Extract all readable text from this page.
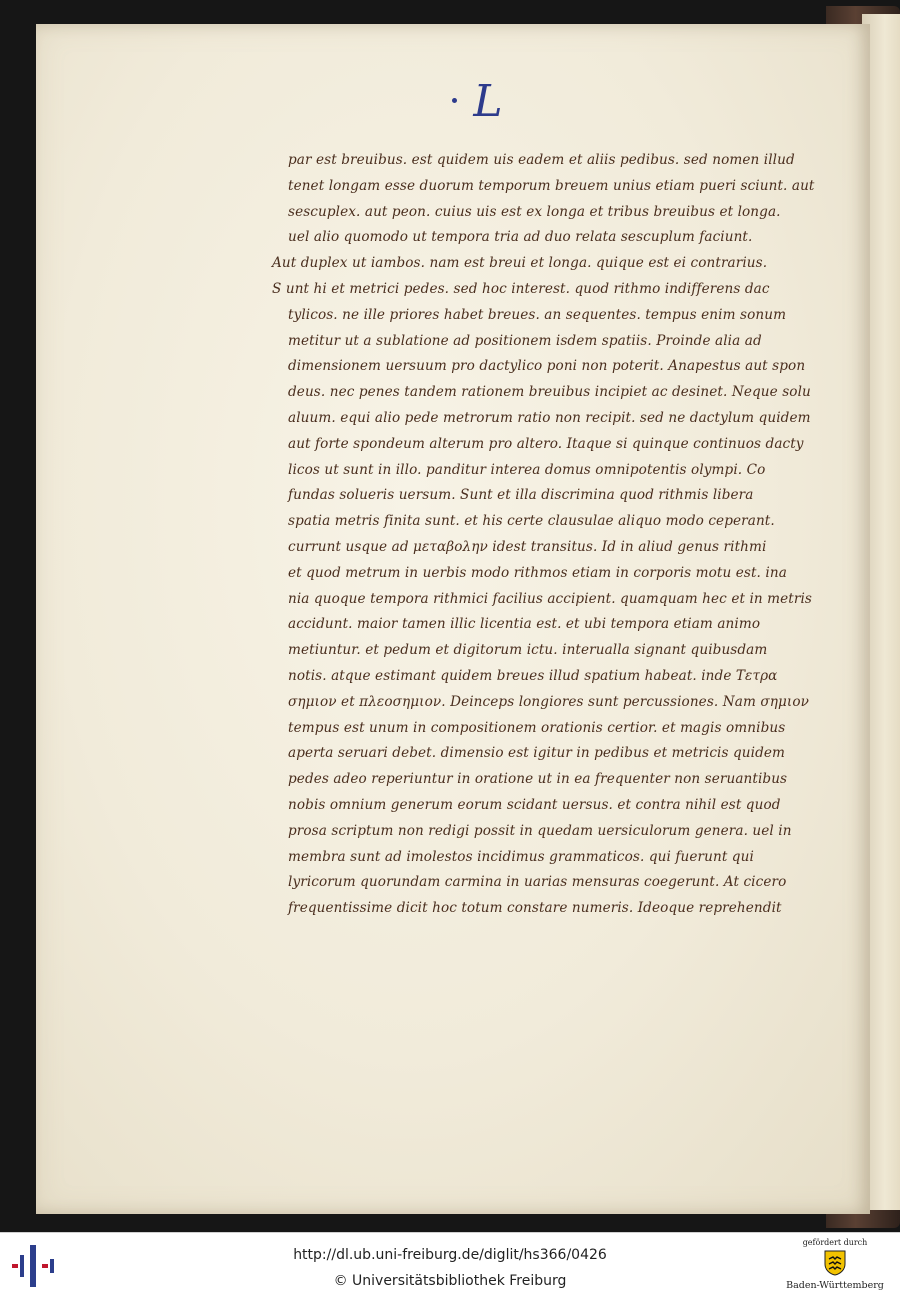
L
par est breuibus. est quidem uis eadem et aliis pedibus. sed nomen illud
tenet longam esse duorum temporum breuem unius etiam pueri sciunt. aut
sescuplex. aut peon. cuius uis est ex longa et tribus breuibus et longa.
uel alio quomodo ut tempora tria ad duo relata sescuplum faciunt.
Aut duplex ut iambos. nam est breui et longa. quique est ei contrarius.
S unt hi et metrici pedes. sed hoc interest. quod rithmo indifferens dac
tylicos. ne ille priores habet breues. an sequentes. tempus enim sonum
metitur ut a sublatione ad positionem isdem spatiis. Proinde alia ad
dimensionem uersuum pro dactylico poni non poterit. Anapestus aut spon
deus. nec penes tandem rationem breuibus incipiet ac desinet. Neque solu
aluum. equi alio pede metrorum ratio non recipit. sed ne dactylum quidem
aut forte spondeum alterum pro altero. Itaque si quinque continuos dacty
licos ut sunt in illo. panditur interea domus omnipotentis olympi. Co
fundas solueris uersum. Sunt et illa discrimina quod rithmis libera
spatia metris finita sunt. et his certe clausulae aliquo modo ceperant.
currunt usque ad μεταβολην idest transitus. Id in aliud genus rithmi
et quod metrum in uerbis modo rithmos etiam in corporis motu est. ina
nia quoque tempora rithmici facilius accipient. quamquam hec et in metris
accidunt. maior tamen illic licentia est. et ubi tempora etiam animo
metiuntur. et pedum et digitorum ictu. interualla signant quibusdam
notis. atque estimant quidem breues illud spatium habeat. inde Τετρα
σημιον et πλεοσημιον. Deinceps longiores sunt percussiones. Nam σημιον
tempus est unum in compositionem orationis certior. et magis omnibus
aperta seruari debet. dimensio est igitur in pedibus et metricis quidem
pedes adeo reperiuntur in oratione ut in ea frequenter non seruantibus
nobis omnium generum eorum scidant uersus. et contra nihil est quod
prosa scriptum non redigi possit in quedam uersiculorum genera. uel in
membra sunt ad imolestos incidimus grammaticos. qui fuerunt qui
lyricorum quorundam carmina in uarias mensuras coegerunt. At cicero
frequentissime dicit hoc totum constare numeris. Ideoque reprehendit
http://dl.ub.uni-freiburg.de/diglit/hs366/0426
© Universitätsbibliothek Freiburg
gefördert durch
Baden-Württemberg
